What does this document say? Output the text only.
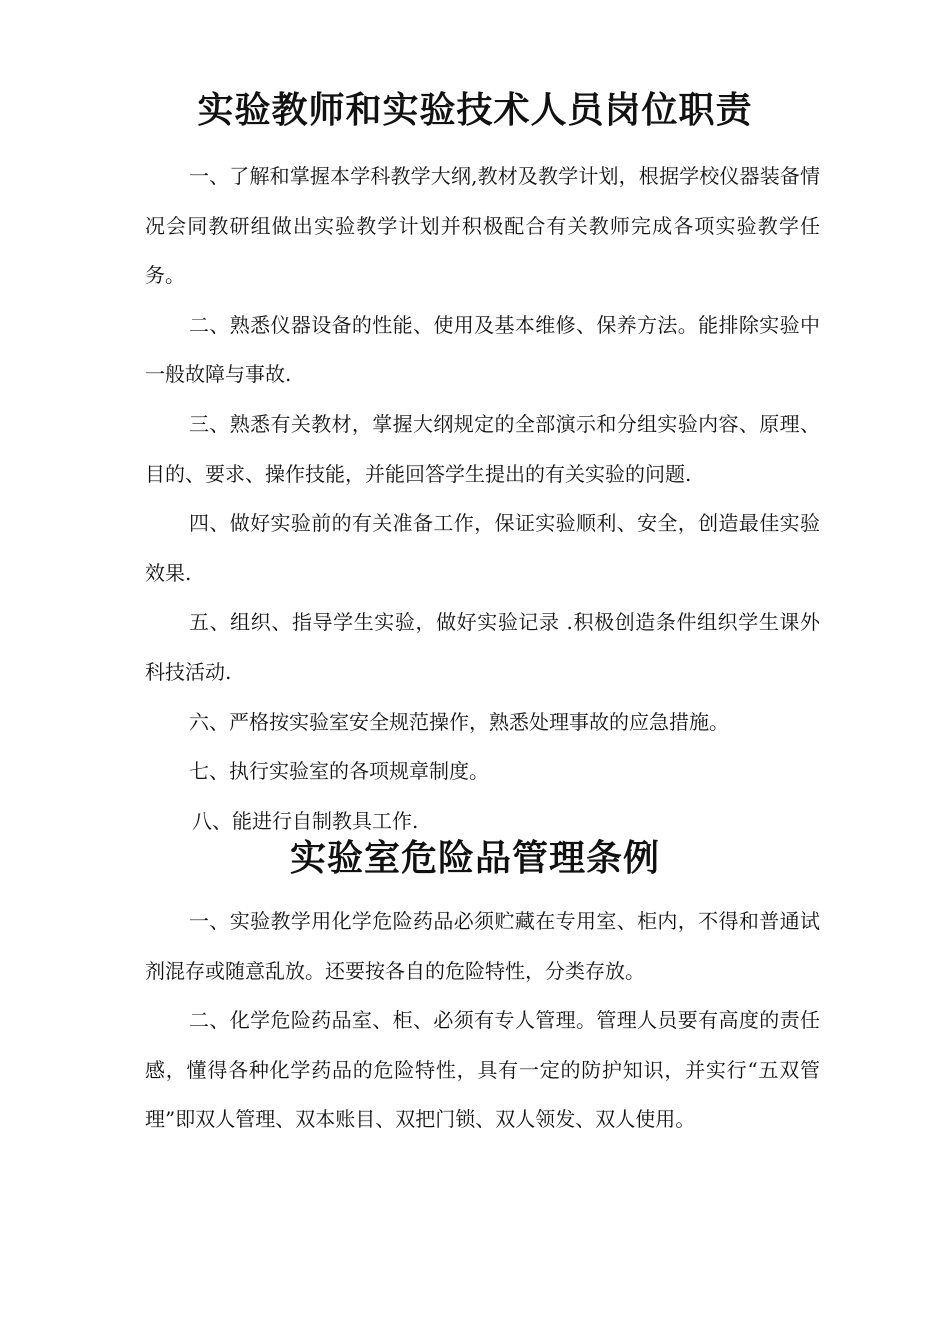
实验教师和实验技术人员岗位职责

一、了解和掌握本学科教学大纲,教材及教学计划，根据学校仪器装备情况会同教研组做出实验教学计划并积极配合有关教师完成各项实验教学任务。

二、熟悉仪器设备的性能、使用及基本维修、保养方法。能排除实验中一般故障与事故.

三、熟悉有关教材，掌握大纲规定的全部演示和分组实验内容、原理、目的、要求、操作技能，并能回答学生提出的有关实验的问题.

四、做好实验前的有关准备工作，保证实验顺利、安全，创造最佳实验效果.

五、组织、指导学生实验，做好实验记录 .积极创造条件组织学生课外科技活动.

六、严格按实验室安全规范操作，熟悉处理事故的应急措施。

七、执行实验室的各项规章制度。

八、能进行自制教具工作.

实验室危险品管理条例

一、实验教学用化学危险药品必须贮藏在专用室、柜内，不得和普通试剂混存或随意乱放。还要按各自的危险特性，分类存放。

二、化学危险药品室、柜、必须有专人管理。管理人员要有高度的责任感，懂得各种化学药品的危险特性，具有一定的防护知识，并实行“五双管理”即双人管理、双本账目、双把门锁、双人领发、双人使用。
